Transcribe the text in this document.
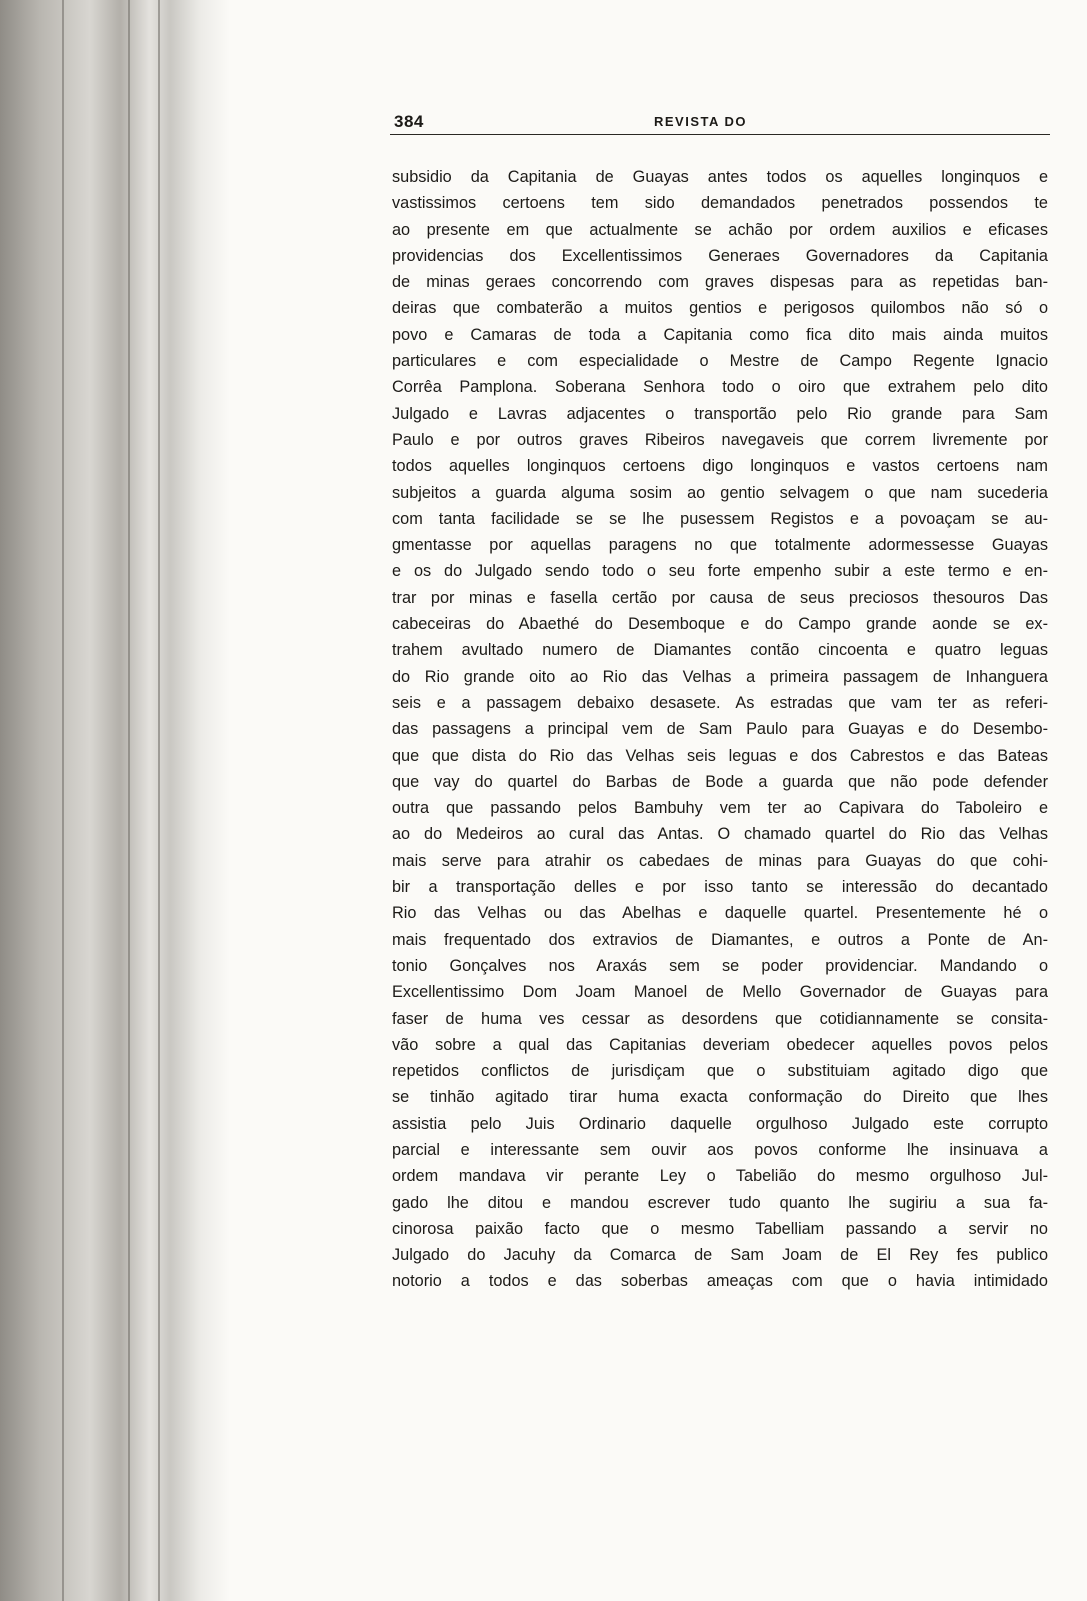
384	REVISTA DO
subsidio da Capitania de Guayas antes todos os aquelles longinquos e
vastissimos certoens tem sido demandados penetrados possendos te
ao presente em que actualmente se achão por ordem auxilios e eficases
providencias dos Excellentissimos Generaes Governadores da Capitania
de minas geraes concorrendo com graves dispesas para as repetidas ban-
deiras que combaterão a muitos gentios e perigosos quilombos não só o
povo e Camaras de toda a Capitania como fica dito mais ainda muitos
particulares e com especialidade o Mestre de Campo Regente Ignacio
Corrêa Pamplona. Soberana Senhora todo o oiro que extrahem pelo dito
Julgado e Lavras adjacentes o transportão pelo Rio grande para Sam
Paulo e por outros graves Ribeiros navegaveis que correm livremente por
todos aquelles longinquos certoens digo longinquos e vastos certoens nam
subjeitos a guarda alguma sosim ao gentio selvagem o que nam sucederia
com tanta facilidade se se lhe pusessem Registos e a povoaçam se au-
gmentasse por aquellas paragens no que totalmente adormessesse Guayas
e os do Julgado sendo todo o seu forte empenho subir a este termo e en-
trar por minas e fasella certão por causa de seus preciosos thesouros Das
cabeceiras do Abaethé do Desemboque e do Campo grande aonde se ex-
trahem avultado numero de Diamantes contão cincoenta e quatro leguas
do Rio grande oito ao Rio das Velhas a primeira passagem de Inhanguera
seis e a passagem debaixo desasete. As estradas que vam ter as referi-
das passagens a principal vem de Sam Paulo para Guayas e do Desembo-
que que dista do Rio das Velhas seis leguas e dos Cabrestos e das Bateas
que vay do quartel do Barbas de Bode a guarda que não pode defender
outra que passando pelos Bambuhy vem ter ao Capivara do Taboleiro e
ao do Medeiros ao cural das Antas. O chamado quartel do Rio das Velhas
mais serve para atrahir os cabedaes de minas para Guayas do que cohi-
bir a transportação delles e por isso tanto se interessão do decantado
Rio das Velhas ou das Abelhas e daquelle quartel. Presentemente hé o
mais frequentado dos extravios de Diamantes, e outros a Ponte de An-
tonio Gonçalves nos Araxás sem se poder providenciar. Mandando o
Excellentissimo Dom Joam Manoel de Mello Governador de Guayas para
faser de huma ves cessar as desordens que cotidiannamente se consita-
vão sobre a qual das Capitanias deveriam obedecer aquelles povos pelos
repetidos conflictos de jurisdiçam que o substituiam agitado digo que
se tinhão agitado tirar huma exacta conformação do Direito que lhes
assistia pelo Juis Ordinario daquelle orgulhoso Julgado este corrupto
parcial e interessante sem ouvir aos povos conforme lhe insinuava a
ordem mandava vir perante Ley o Tabelião do mesmo orgulhoso Jul-
gado lhe ditou e mandou escrever tudo quanto lhe sugiriu a sua fa-
cinorosa paixão facto que o mesmo Tabelliam passando a servir no
Julgado do Jacuhy da Comarca de Sam Joam de El Rey fes publico
notorio a todos e das soberbas ameaças com que o havia intimidado
